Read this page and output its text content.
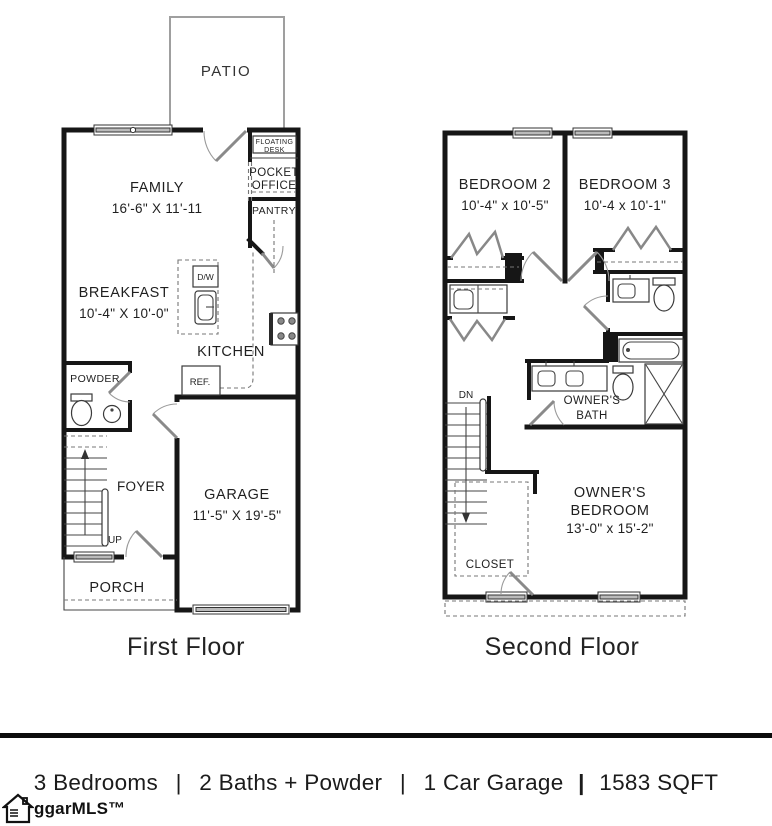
PATIO
FAMILY
16'-6" X 11'-11
FLOATING
DESK
POCKET
OFFICE
PANTRY
BREAKFAST
10'-4" X 10'-0"
D/W
KITCHEN
REF.
POWDER
FOYER
UP
GARAGE
11'-5" X 19'-5"
PORCH
First Floor
BEDROOM 2
10'-4" x 10'-5"
BEDROOM 3
10'-4 x 10'-1"
DN	OWNER'S
BATH
CLOSET
OWNER'S
BEDROOM
13'-0" x 15'-2"
Second Floor
3 Bedrooms | 2 Baths + Powder | 1 Car Garage | 1583 SQFT
ggarMLS™
